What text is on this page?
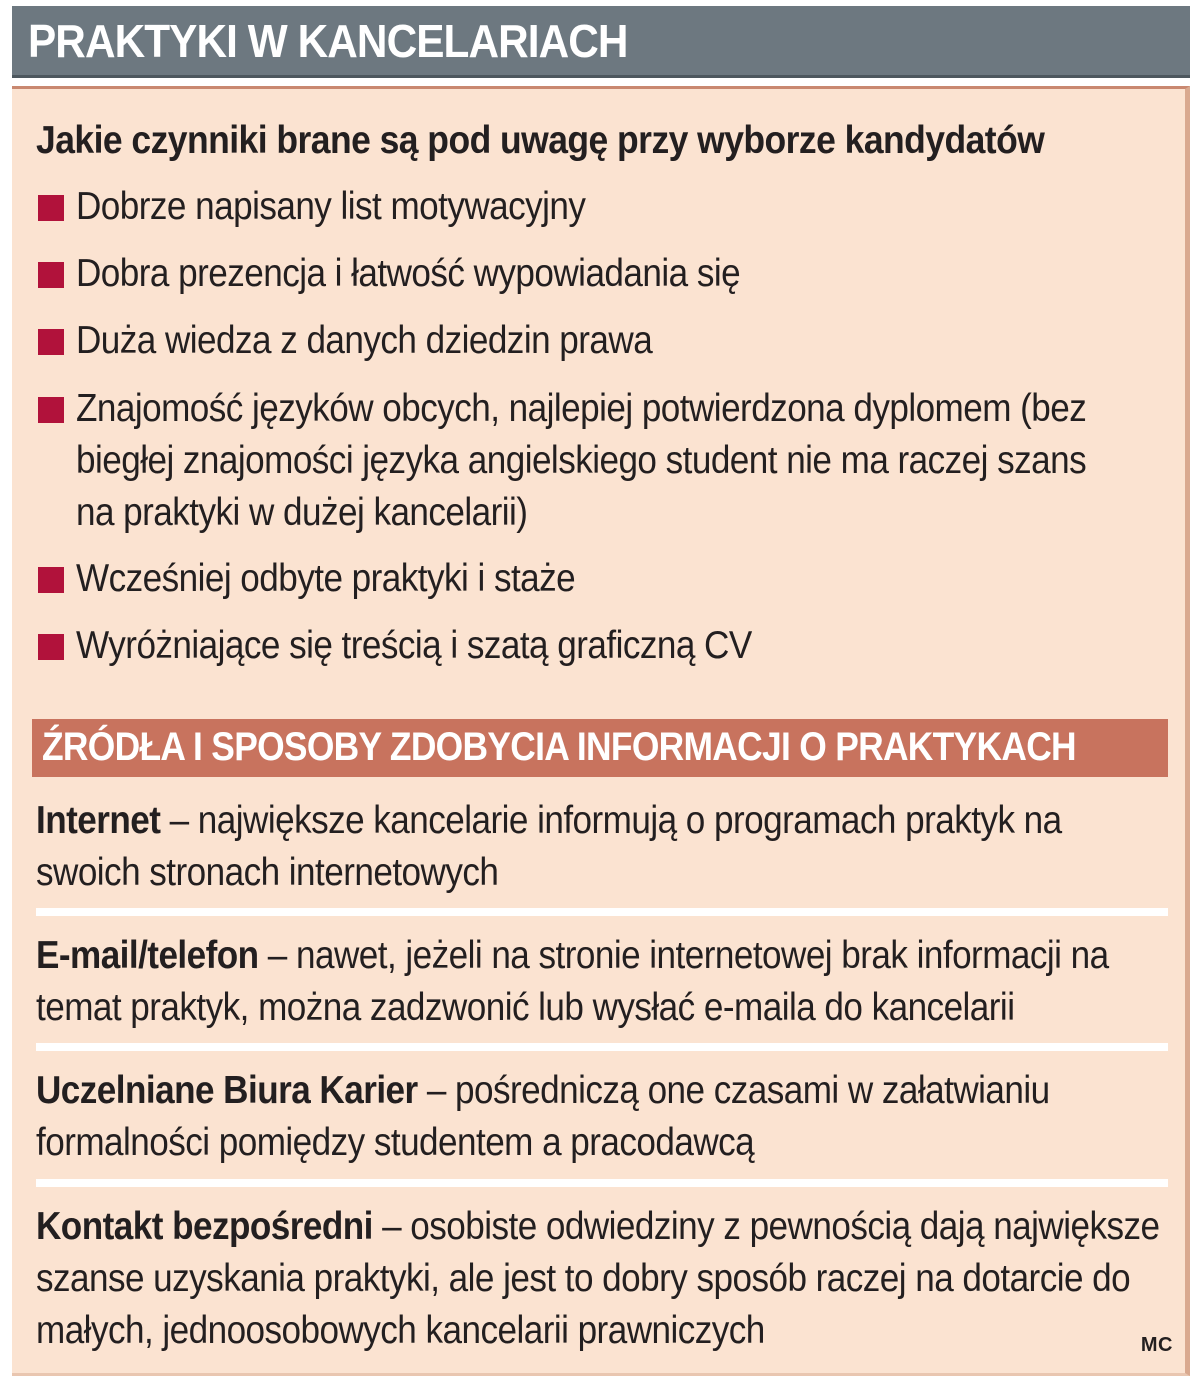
PRAKTYKI W KANCELARIACH
Jakie czynniki brane są pod uwagę przy wyborze kandydatów
Dobrze napisany list motywacyjny
Dobra prezencja i łatwość wypowiadania się
Duża wiedza z danych dziedzin prawa
Znajomość języków obcych, najlepiej potwierdzona dyplomem (bez biegłej znajomości języka angielskiego student nie ma raczej szans na praktyki w dużej kancelarii)
Wcześniej odbyte praktyki i staże
Wyróżniające się treścią i szatą graficzną CV
ŹRÓDŁA I SPOSOBY ZDOBYCIA INFORMACJI O PRAKTYKACH
Internet – największe kancelarie informują o programach praktyk na swoich stronach internetowych
E-mail/telefon – nawet, jeżeli na stronie internetowej brak informacji na temat praktyk, można zadzwonić lub wysłać e-maila do kancelarii
Uczelniane Biura Karier – pośredniczą one czasami w załatwianiu formalności pomiędzy studentem a pracodawcą
Kontakt bezpośredni – osobiste odwiedziny z pewnością dają największe szanse uzyskania praktyki, ale jest to dobry sposób raczej na dotarcie do małych, jednoosobowych kancelarii prawniczych	MC
